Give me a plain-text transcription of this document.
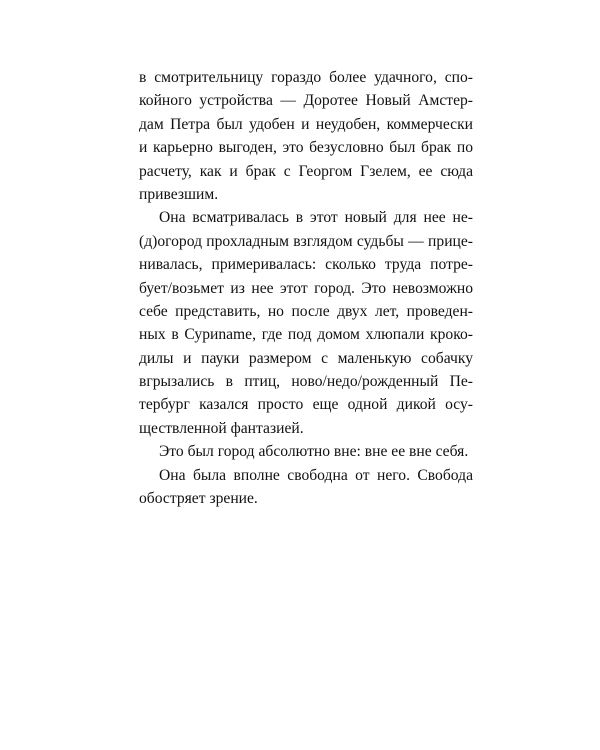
в смотрительницу гораздо более удачного, спо-
койного устройства — Доротее Новый Амстер-
дам Петра был удобен и неудобен, коммерчески
и карьерно выгоден, это безусловно был брак по
расчету, как и брак с Георгом Гзелем, ее сюда
привезшим.
Она всматривалась в этот новый для нее не-
(д)огород прохладным взглядом судьбы — прице-
нивалась, примеривалась: сколько труда потре-
бует/возьмет из нее этот город. Это невозможно
себе представить, но после двух лет, проведен-
ных в Суриname, где под домом хлюпали кроко-
дилы и пауки размером с маленькую собачку
вгрызались в птиц, ново/недо/рожденный Пе-
тербург казался просто еще одной дикой осу-
ществленной фантазией.
Это был город абсолютно вне: вне ее вне себя.
Она была вполне свободна от него. Свобода
обостряет зрение.
